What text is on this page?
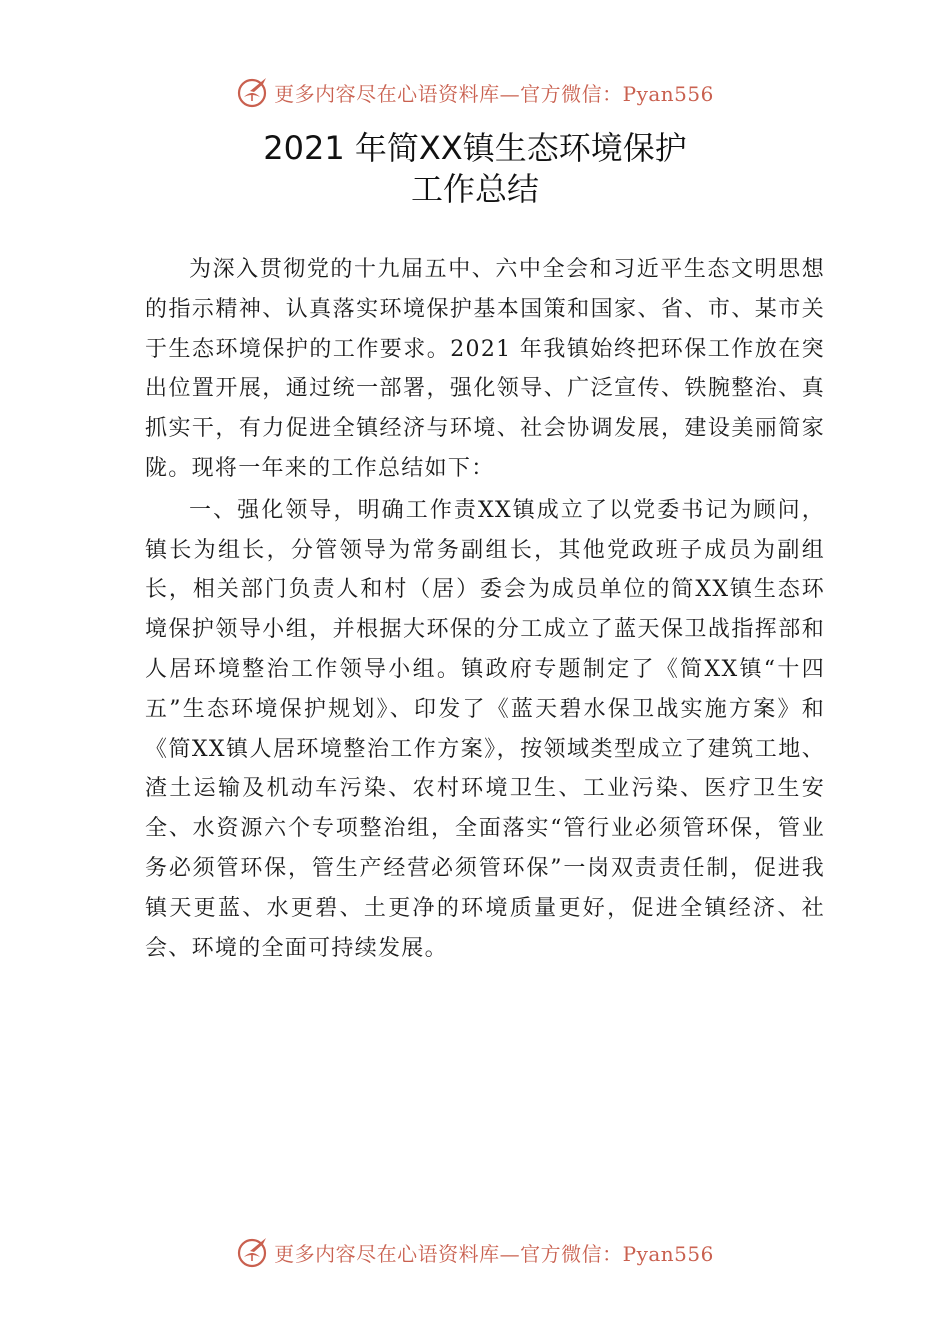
更多内容尽在心语资料库—官方微信：Pyan556
2021 年简XX镇生态环境保护
工作总结

为深入贯彻党的十九届五中、六中全会和习近平生态文明思想的指示精神、认真落实环境保护基本国策和国家、省、市、某市关于生态环境保护的工作要求。2021 年我镇始终把环保工作放在突出位置开展，通过统一部署，强化领导、广泛宣传、铁腕整治、真抓实干，有力促进全镇经济与环境、社会协调发展，建设美丽简家陇。现将一年来的工作总结如下：

一、强化领导，明确工作责XX镇成立了以党委书记为顾问，镇长为组长，分管领导为常务副组长，其他党政班子成员为副组长，相关部门负责人和村（居）委会为成员单位的简XX镇生态环境保护领导小组，并根据大环保的分工成立了蓝天保卫战指挥部和人居环境整治工作领导小组。镇政府专题制定了《简XX镇“十四五”生态环境保护规划》、印发了《蓝天碧水保卫战实施方案》和《简XX镇人居环境整治工作方案》，按领域类型成立了建筑工地、渣土运输及机动车污染、农村环境卫生、工业污染、医疗卫生安全、水资源六个专项整治组，全面落实“管行业必须管环保，管业务必须管环保，管生产经营必须管环保”一岗双责责任制，促进我镇天更蓝、水更碧、土更净的环境质量更好，促进全镇经济、社会、环境的全面可持续发展。

更多内容尽在心语资料库—官方微信：Pyan556
